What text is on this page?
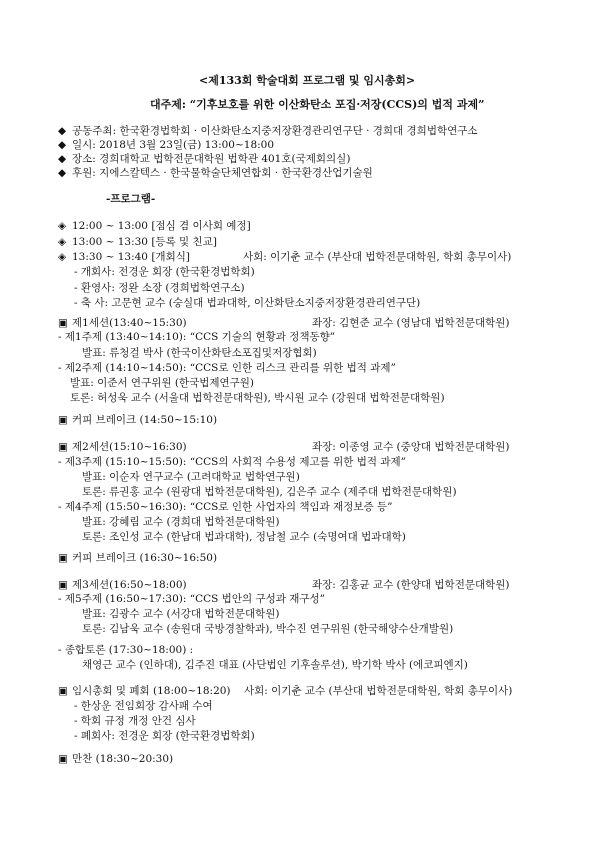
<제133회 학술대회 프로그램 및 임시총회>
대주제: “기후보호를 위한 이산화탄소 포집·저장(CCS)의 법적 과제”
◆ 공동주최: 한국환경법학회 · 이산화탄소지중저장환경관리연구단 · 경희대 경희법학연구소
◆ 일시: 2018년 3월 23일(금) 13:00~18:00
◆ 장소: 경희대학교 법학전문대학원 법학관 401호(국제회의실)
◆ 후원: 지에스칼텍스 · 한국물학술단체연합회 · 한국환경산업기술원
-프로그램-
◈ 12:00 ~ 13:00 [점심 겸 이사회 예정]
◈ 13:00 ~ 13:30 [등록 및 친교]
◈ 13:30 ~ 13:40 [개회식]	사회: 이기춘 교수 (부산대 법학전문대학원, 학회 총무이사)
- 개회사: 전경운 회장 (한국환경법학회)
- 환영사: 정완 소장 (경희법학연구소)
- 축 사: 고문현 교수 (숭실대 법과대학, 이산화탄소지중저장환경관리연구단)
▣ 제1세션(13:40~15:30)	좌장: 김현준 교수 (영남대 법학전문대학원)
- 제1주제 (13:40~14:10): “CCS 기술의 현황과 정책동향”
발표: 류청걸 박사 (한국이산화탄소포집및저장협회)
- 제2주제 (14:10~14:50): “CCS로 인한 리스크 관리를 위한 법적 과제”
발표: 이준서 연구위원 (한국법제연구원)
토론: 허성욱 교수 (서울대 법학전문대학원), 박시원 교수 (강원대 법학전문대학원)
▣ 커피 브레이크 (14:50~15:10)
▣ 제2세션(15:10~16:30)	좌장: 이종영 교수 (중앙대 법학전문대학원)
- 제3주제 (15:10~15:50): “CCS의 사회적 수용성 제고를 위한 법적 과제”
발표: 이순자 연구교수 (고려대학교 법학연구원)
토론: 류권홍 교수 (원광대 법학전문대학원), 김은주 교수 (제주대 법학전문대학원)
- 제4주제 (15:50~16:30): “CCS로 인한 사업자의 책임과 재정보증 등”
발표: 강혜림 교수 (경희대 법학전문대학원)
토론: 조인성 교수 (한남대 법과대학), 정남철 교수 (숙명여대 법과대학)
▣ 커피 브레이크 (16:30~16:50)
▣ 제3세션(16:50~18:00)	좌장: 김홍균 교수 (한양대 법학전문대학원)
- 제5주제 (16:50~17:30): “CCS 법안의 구성과 재구성”
발표: 김광수 교수 (서강대 법학전문대학원)
토론: 김남욱 교수 (송원대 국방경찰학과), 박수진 연구위원 (한국해양수산개발원)
- 종합토론 (17:30~18:00) :
채영근 교수 (인하대), 김주진 대표 (사단법인 기후솔루션), 박기학 박사 (에코피엔지)
▣ 임시총회 및 폐회 (18:00~18:20) 사회: 이기춘 교수 (부산대 법학전문대학원, 학회 총무이사)
- 한상운 전임회장 감사패 수여
- 학회 규정 개정 안건 심사
- 폐회사: 전경운 회장 (한국환경법학회)
▣ 만찬 (18:30~20:30)
